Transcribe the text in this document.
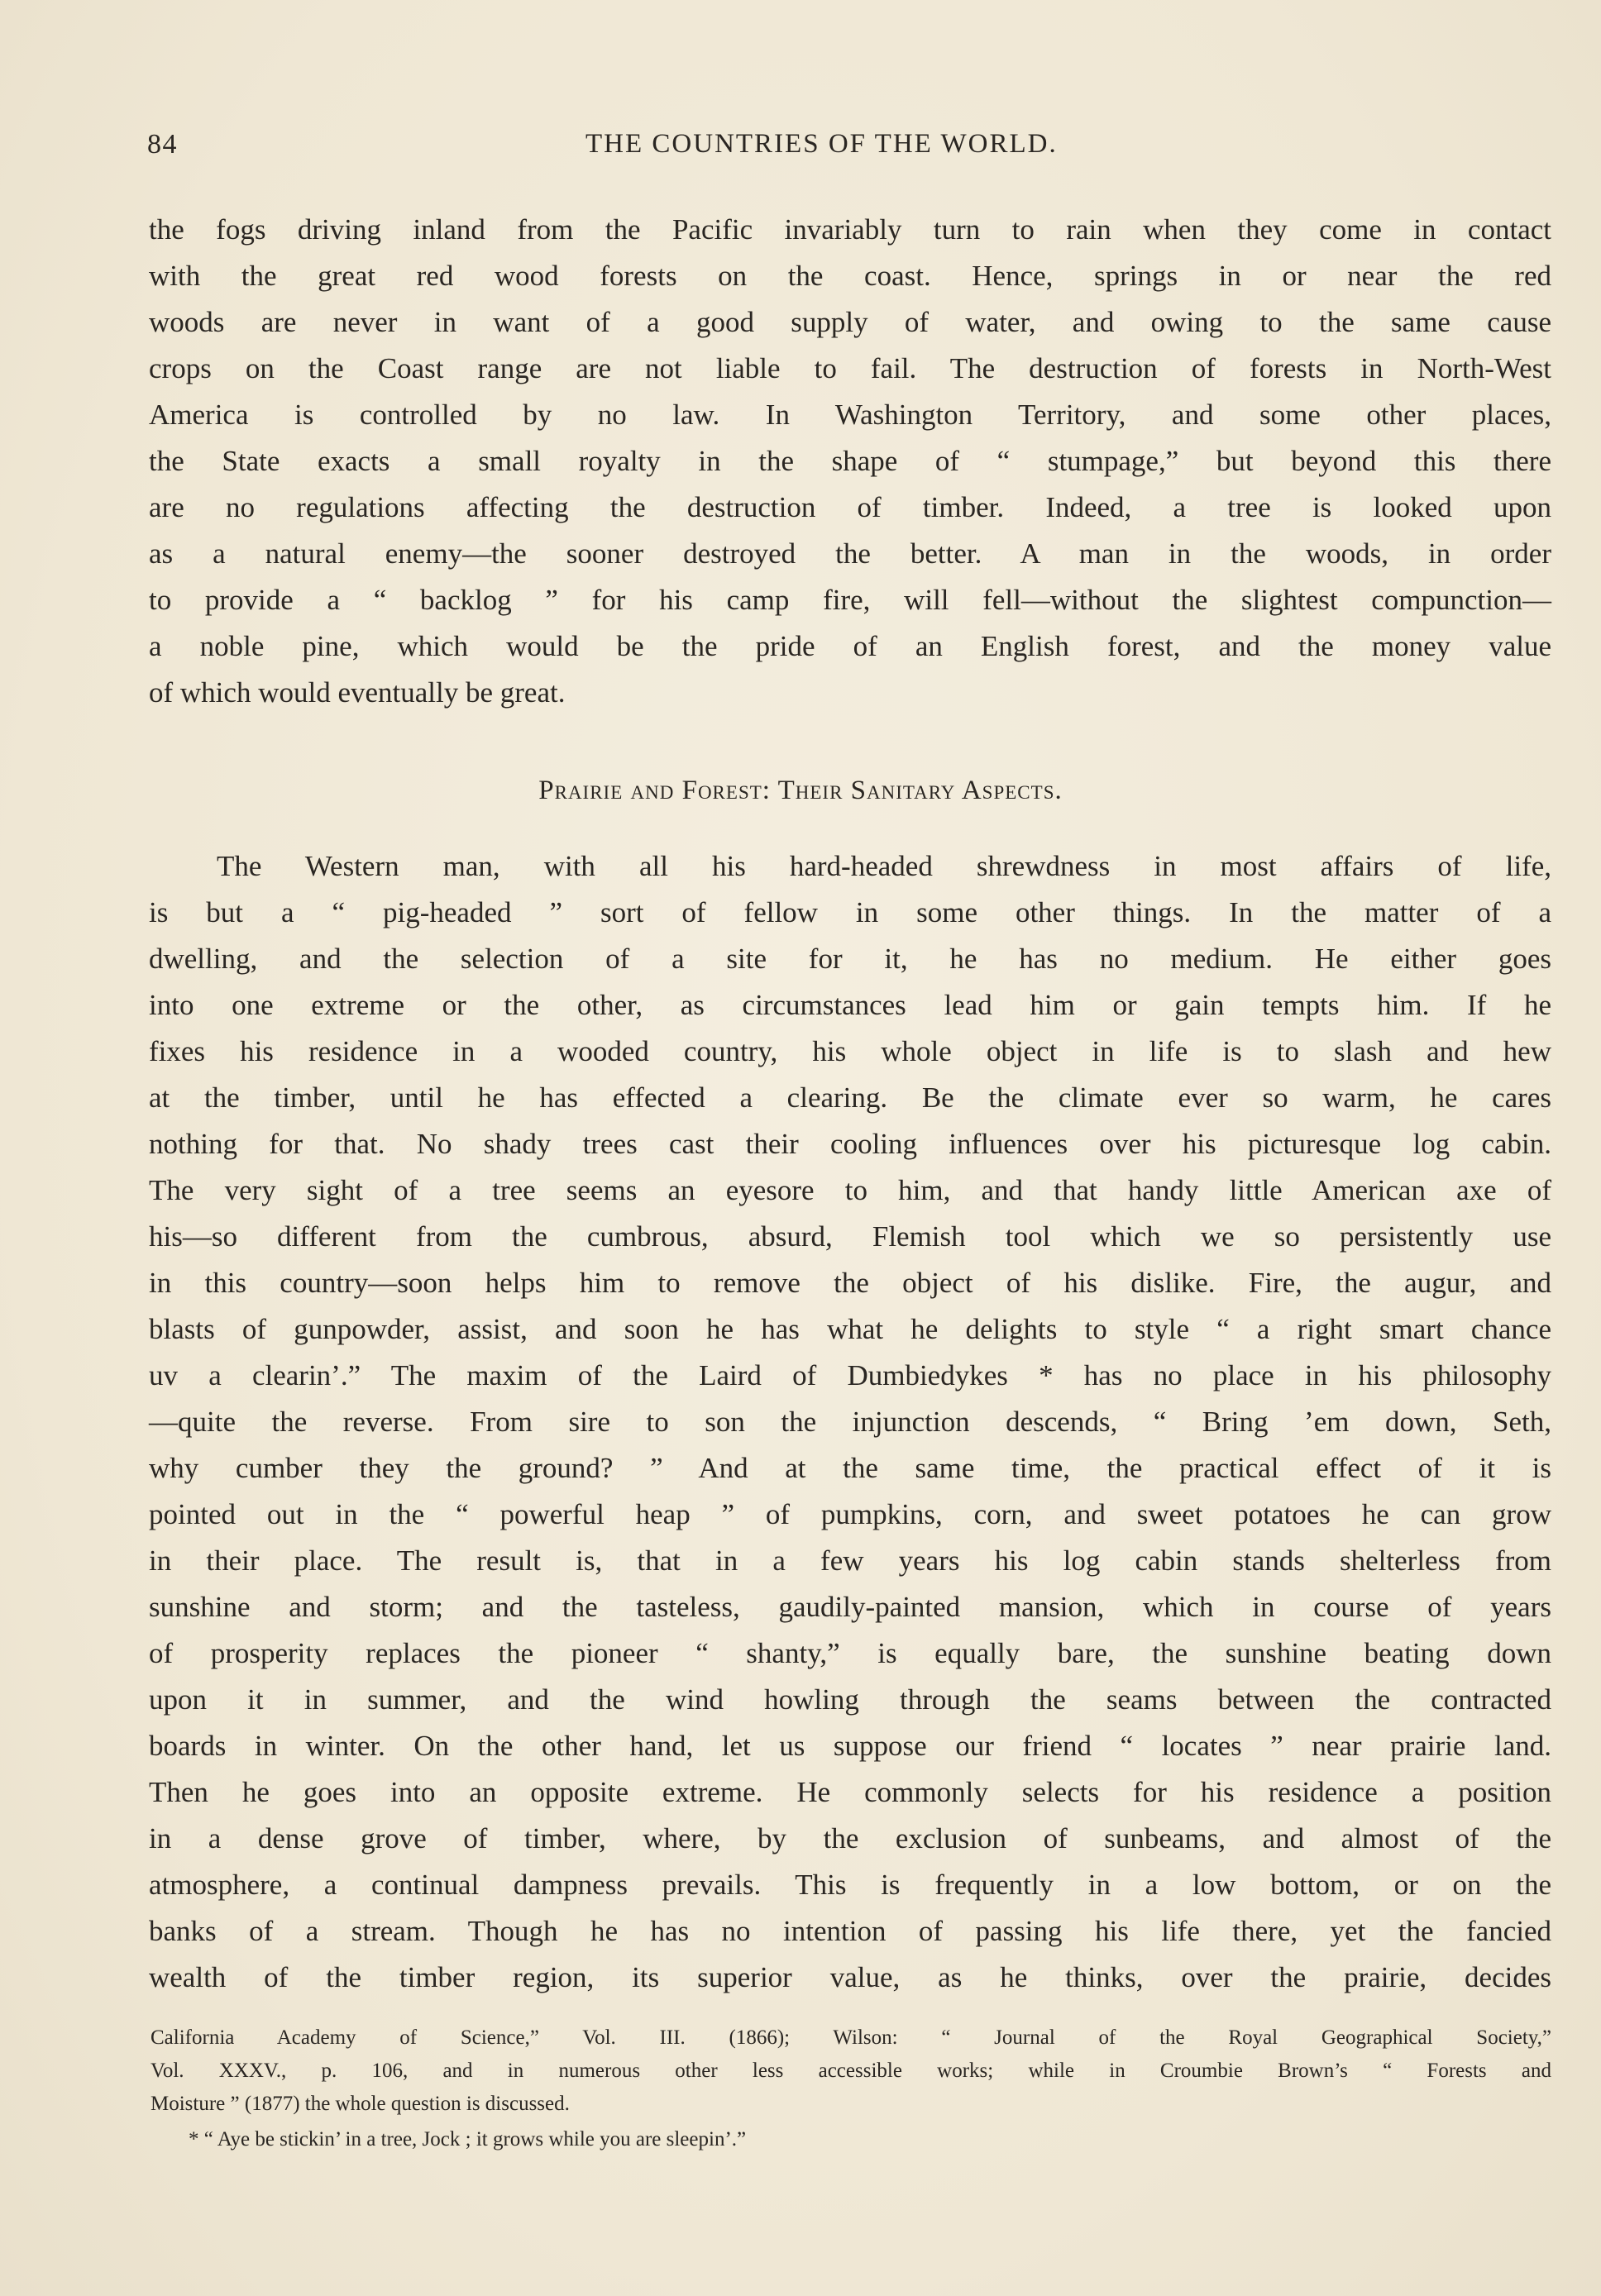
84	THE COUNTRIES OF THE WORLD.
the fogs driving inland from the Pacific invariably turn to rain when they come in contact
with the great red wood forests on the coast. Hence, springs in or near the red
woods are never in want of a good supply of water, and owing to the same cause
crops on the Coast range are not liable to fail. The destruction of forests in North-West
America is controlled by no law. In Washington Territory, and some other places,
the State exacts a small royalty in the shape of “ stumpage,” but beyond this there
are no regulations affecting the destruction of timber. Indeed, a tree is looked upon
as a natural enemy—the sooner destroyed the better. A man in the woods, in order
to provide a “ backlog ” for his camp fire, will fell—without the slightest compunction—
a noble pine, which would be the pride of an English forest, and the money value
of which would eventually be great.
Prairie and Forest: Their Sanitary Aspects.
The Western man, with all his hard-headed shrewdness in most affairs of life,
is but a “ pig-headed ” sort of fellow in some other things. In the matter of a
dwelling, and the selection of a site for it, he has no medium. He either goes
into one extreme or the other, as circumstances lead him or gain tempts him. If he
fixes his residence in a wooded country, his whole object in life is to slash and hew
at the timber, until he has effected a clearing. Be the climate ever so warm, he cares
nothing for that. No shady trees cast their cooling influences over his picturesque log cabin.
The very sight of a tree seems an eyesore to him, and that handy little American axe of
his—so different from the cumbrous, absurd, Flemish tool which we so persistently use
in this country—soon helps him to remove the object of his dislike. Fire, the augur, and
blasts of gunpowder, assist, and soon he has what he delights to style “ a right smart chance
uv a clearin’.” The maxim of the Laird of Dumbiedykes * has no place in his philosophy
—quite the reverse. From sire to son the injunction descends, “ Bring ’em down, Seth,
why cumber they the ground? ” And at the same time, the practical effect of it is
pointed out in the “ powerful heap ” of pumpkins, corn, and sweet potatoes he can grow
in their place. The result is, that in a few years his log cabin stands shelterless from
sunshine and storm; and the tasteless, gaudily-painted mansion, which in course of years
of prosperity replaces the pioneer “ shanty,” is equally bare, the sunshine beating down
upon it in summer, and the wind howling through the seams between the contracted
boards in winter. On the other hand, let us suppose our friend “ locates ” near prairie land.
Then he goes into an opposite extreme. He commonly selects for his residence a position
in a dense grove of timber, where, by the exclusion of sunbeams, and almost of the
atmosphere, a continual dampness prevails. This is frequently in a low bottom, or on the
banks of a stream. Though he has no intention of passing his life there, yet the fancied
wealth of the timber region, its superior value, as he thinks, over the prairie, decides
California Academy of Science,” Vol. III. (1866); Wilson: “ Journal of the Royal Geographical Society,”
Vol. XXXV., p. 106, and in numerous other less accessible works; while in Croumbie Brown’s “ Forests and
Moisture ” (1877) the whole question is discussed.
* “ Aye be stickin’ in a tree, Jock ; it grows while you are sleepin’.”
